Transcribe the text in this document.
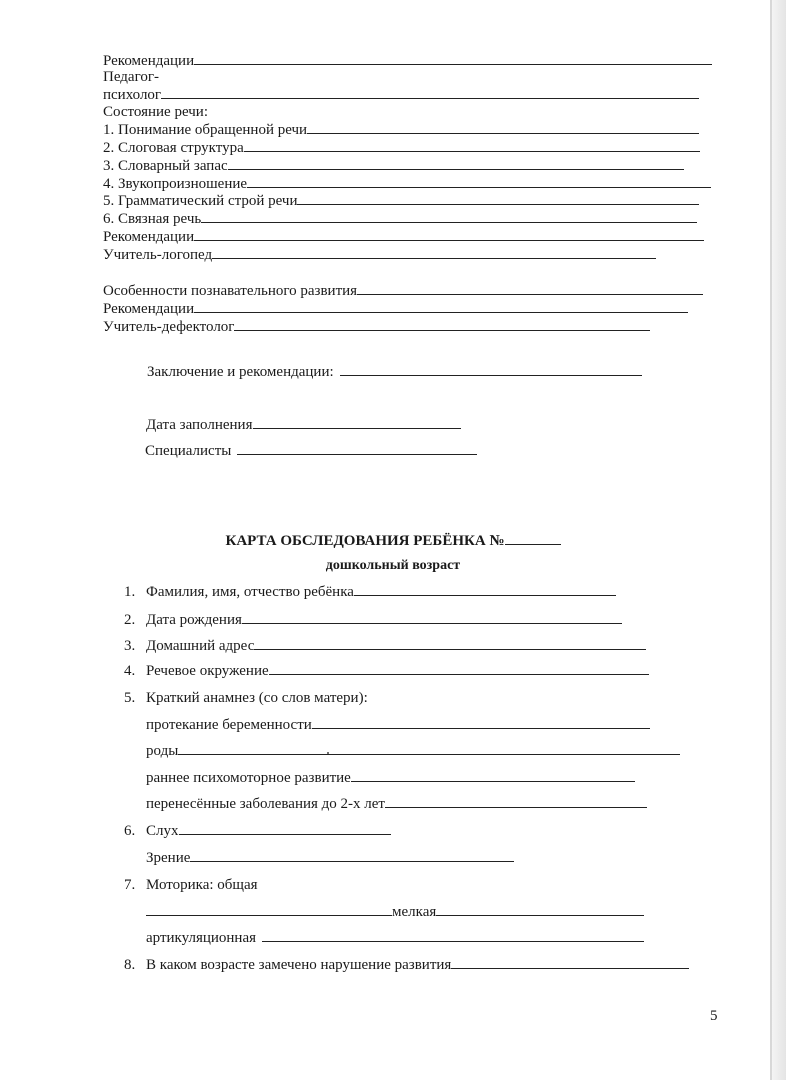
Рекомендации
Педагог-
психолог
Состояние речи:
1. Понимание обращенной речи
2. Слоговая структура
3. Словарный запас
4. Звукопроизношение
5. Грамматический строй речи
6. Связная речь
Рекомендации
Учитель-логопед
Особенности познавательного развития
Рекомендации
Учитель-дефектолог
Заключение и рекомендации:
Дата заполнения
Специалисты
КАРТА ОБСЛЕДОВАНИЯ РЕБЁНКА №
дошкольный возраст
1. Фамилия, имя, отчество ребёнка
2. Дата рождения
3. Домашний адрес
4. Речевое окружение
5. Краткий анамнез (со слов матери):
протекание беременности
роды
раннее психомоторное развитие
перенесённые заболевания до 2-х лет
6. Слух
Зрение
7. Моторика: общая
мелкая
артикуляционная
8. В каком возрасте замечено нарушение развития
5
